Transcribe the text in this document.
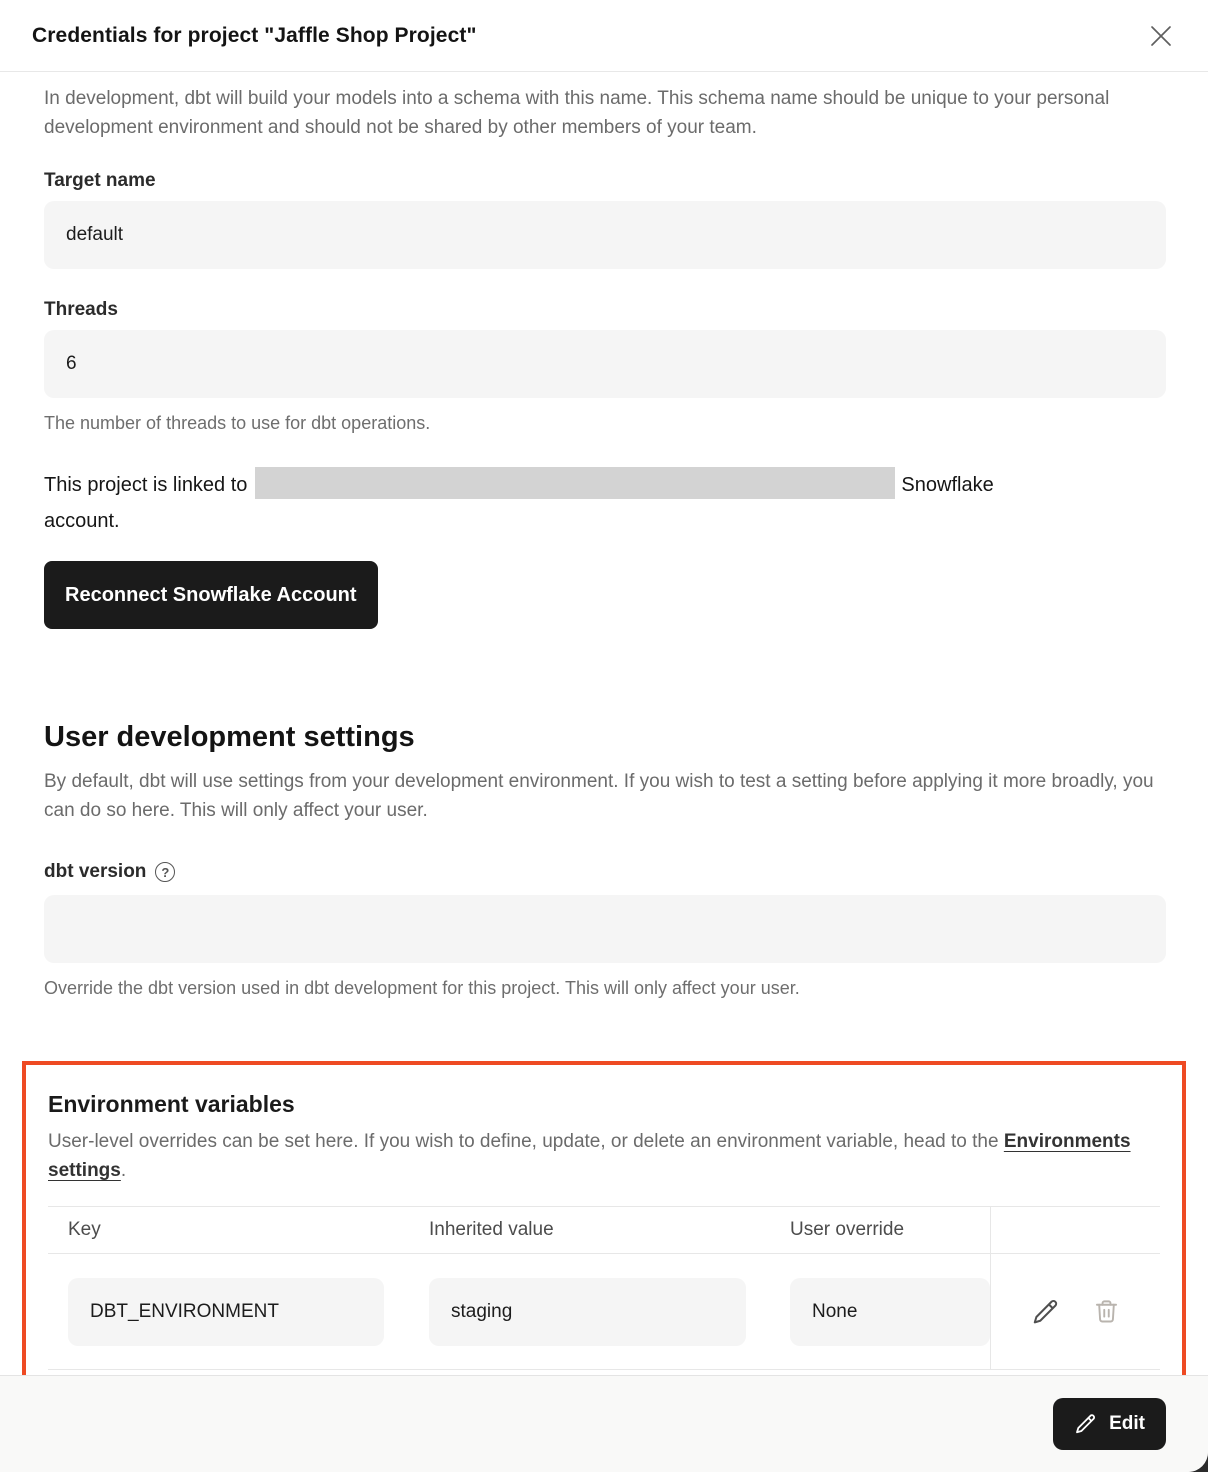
Credentials for project "Jaffle Shop Project"

In development, dbt will build your models into a schema with this name. This schema name should be unique to your personal development environment and should not be shared by other members of your team.

Target name
default Threads
6

The number of threads to use for dbt operations.

This project is linked to	Snowflake
account.

Reconnect Snowflake Account
User development settings

By default, dbt will use settings from your development environment. If you wish to test a setting before applying it more broadly, you can do so here. This will only affect your user.

dbt version	?

Override the dbt version used in dbt development for this project. This will only affect your user.

Environment variables

User-level overrides can be set here. If you wish to define, update, or delete an environment variable, head to the Environments settings.

Key	Inherited value	User override
DBT_ENVIRONMENT	staging	None
Edit
